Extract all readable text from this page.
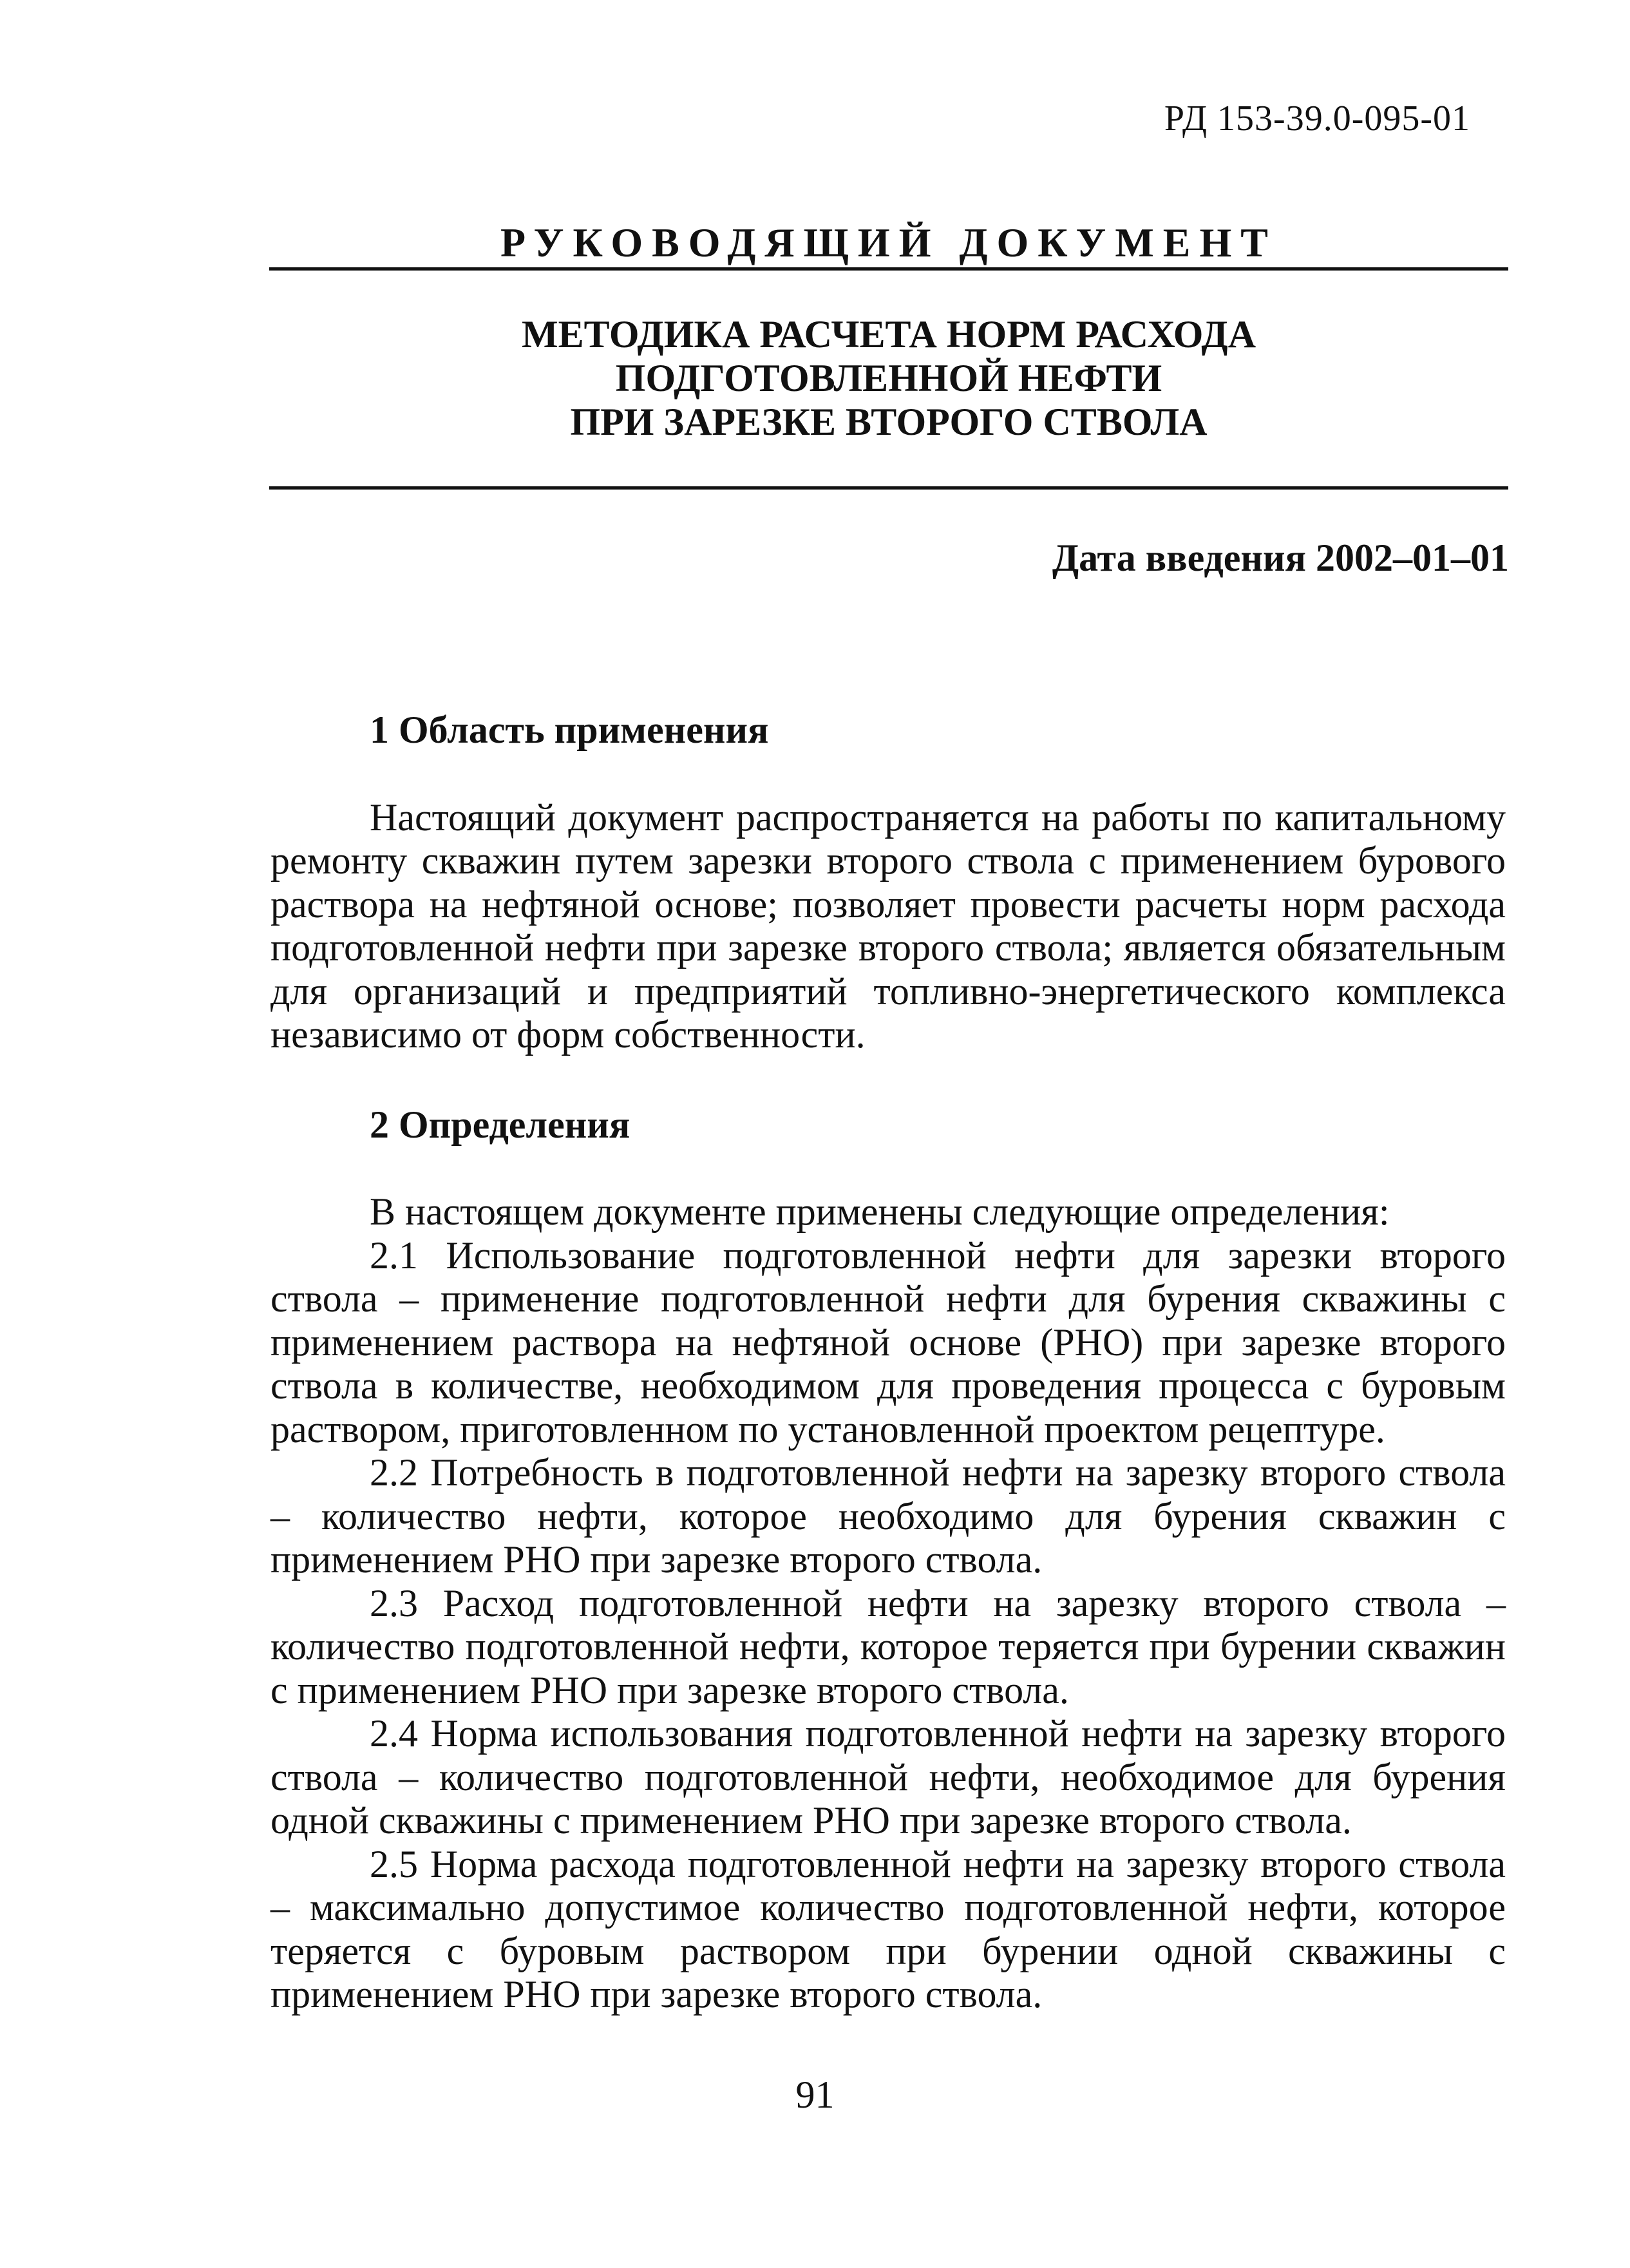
РД 153-39.0-095-01
РУКОВОДЯЩИЙ ДОКУМЕНТ
МЕТОДИКА РАСЧЕТА НОРМ РАСХОДА
ПОДГОТОВЛЕННОЙ НЕФТИ
ПРИ ЗАРЕЗКЕ ВТОРОГО СТВОЛА
Дата введения 2002–01–01
1 Область применения

Настоящий документ распространяется на работы по капитальному ремонту скважин путем зарезки второго ствола с применением бурового раствора на нефтяной основе; позволяет провести расчеты норм расхода подготовленной нефти при зарезке второго ствола; является обязательным для организаций и предприятий топливно-энергетического комплекса независимо от форм собственности.

2 Определения

В настоящем документе применены следующие определения:

2.1 Использование подготовленной нефти для зарезки второго ствола – применение подготовленной нефти для бурения скважины с применением раствора на нефтяной основе (РНО) при зарезке второго ствола в количестве, необходимом для проведения процесса с буровым раствором, приготовленном по установленной проектом рецептуре.

2.2 Потребность в подготовленной нефти на зарезку второго ствола – количество нефти, которое необходимо для бурения скважин с применением РНО при зарезке второго ствола.

2.3 Расход подготовленной нефти на зарезку второго ствола – количество подготовленной нефти, которое теряется при бурении скважин с применением РНО при зарезке второго ствола.

2.4 Норма использования подготовленной нефти на зарезку второго ствола – количество подготовленной нефти, необходимое для бурения одной скважины с применением РНО при зарезке второго ствола.

2.5 Норма расхода подготовленной нефти на зарезку второго ствола – максимально допустимое количество подготовленной нефти, которое теряется с буровым раствором при бурении одной скважины с применением РНО при зарезке второго ствола.

91
